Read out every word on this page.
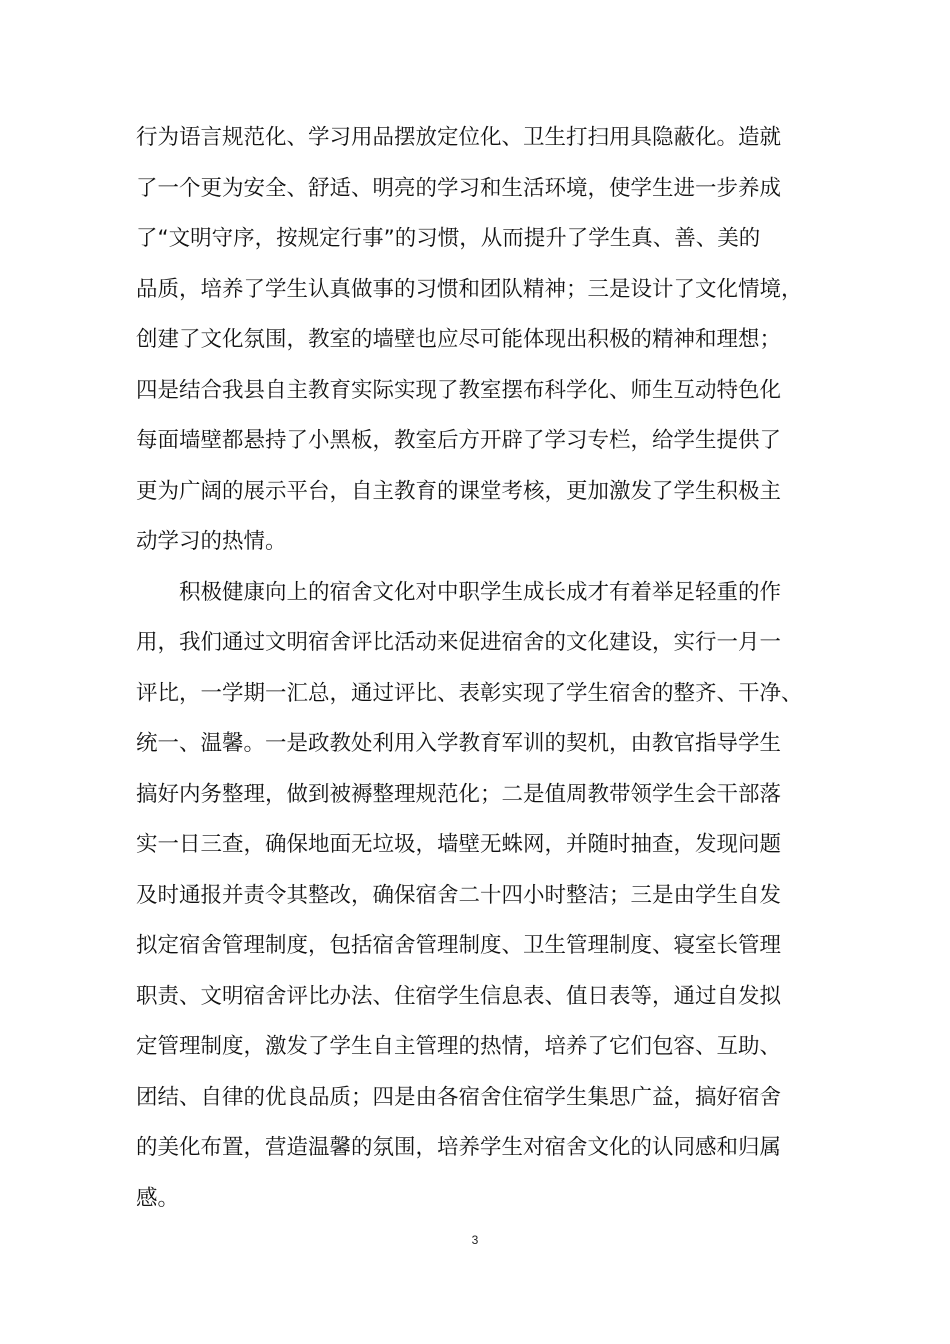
行为语言规范化、学习用品摆放定位化、卫生打扫用具隐蔽化。造就
了一个更为安全、舒适、明亮的学习和生活环境，使学生进一步养成
了“文明守序，按规定行事”的习惯，从而提升了学生真、善、美的
品质，培养了学生认真做事的习惯和团队精神；三是设计了文化情境，
创建了文化氛围，教室的墙壁也应尽可能体现出积极的精神和理想；
四是结合我县自主教育实际实现了教室摆布科学化、师生互动特色化
每面墙壁都悬持了小黑板，教室后方开辟了学习专栏，给学生提供了
更为广阔的展示平台，自主教育的课堂考核，更加激发了学生积极主
动学习的热情。
积极健康向上的宿舍文化对中职学生成长成才有着举足轻重的作
用，我们通过文明宿舍评比活动来促进宿舍的文化建设，实行一月一
评比，一学期一汇总，通过评比、表彰实现了学生宿舍的整齐、干净、
统一、温馨。一是政教处利用入学教育军训的契机，由教官指导学生
搞好内务整理，做到被褥整理规范化；二是值周教带领学生会干部落
实一日三查，确保地面无垃圾，墙壁无蛛网，并随时抽查，发现问题
及时通报并责令其整改，确保宿舍二十四小时整洁；三是由学生自发
拟定宿舍管理制度，包括宿舍管理制度、卫生管理制度、寝室长管理
职责、文明宿舍评比办法、住宿学生信息表、值日表等，通过自发拟
定管理制度，激发了学生自主管理的热情，培养了它们包容、互助、
团结、自律的优良品质；四是由各宿舍住宿学生集思广益，搞好宿舍
的美化布置，营造温馨的氛围，培养学生对宿舍文化的认同感和归属
感。
3
